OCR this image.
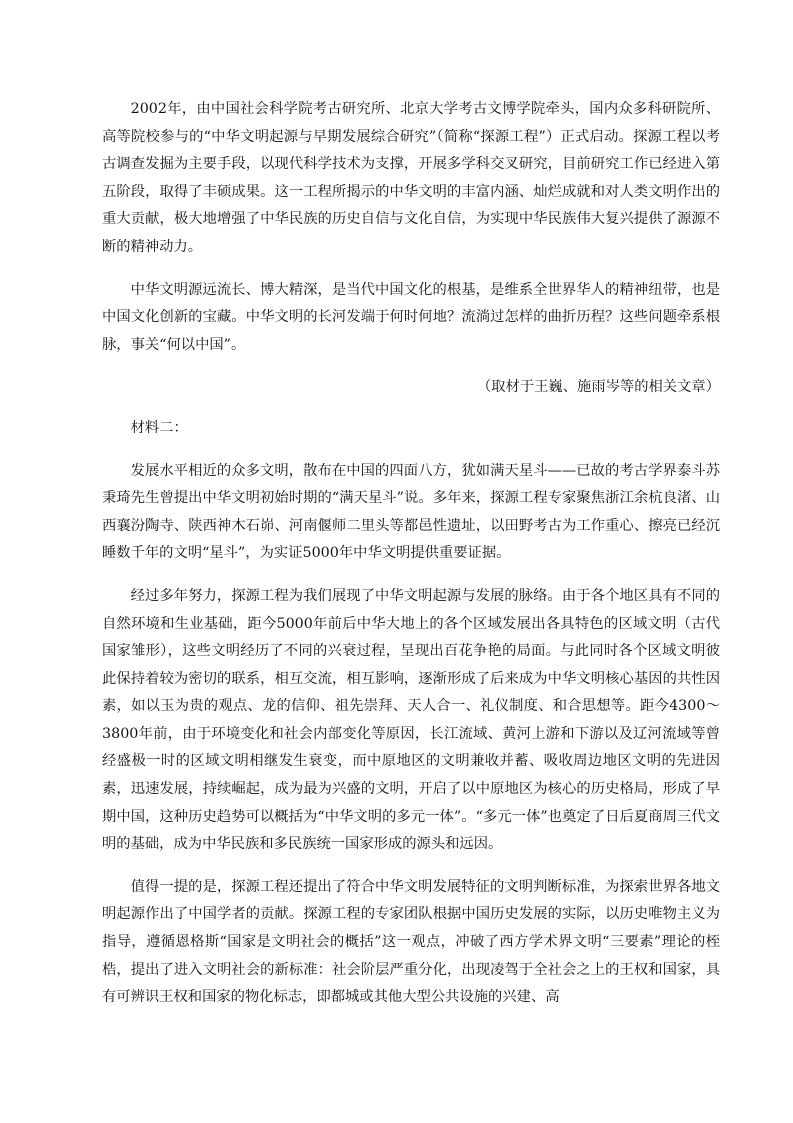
2002年，由中国社会科学院考古研究所、北京大学考古文博学院牵头，国内众多科研院所、高等院校参与的“中华文明起源与早期发展综合研究”（简称“探源工程”）正式启动。探源工程以考古调查发掘为主要手段，以现代科学技术为支撑，开展多学科交叉研究，目前研究工作已经进入第五阶段，取得了丰硕成果。这一工程所揭示的中华文明的丰富内涵、灿烂成就和对人类文明作出的重大贡献，极大地增强了中华民族的历史自信与文化自信，为实现中华民族伟大复兴提供了源源不断的精神动力。

中华文明源远流长、博大精深，是当代中国文化的根基，是维系全世界华人的精神纽带，也是中国文化创新的宝藏。中华文明的长河发端于何时何地？流淌过怎样的曲折历程？这些问题牵系根脉，事关“何以中国”。

（取材于王巍、施雨岑等的相关文章）

材料二：

发展水平相近的众多文明，散布在中国的四面八方，犹如满天星斗——已故的考古学界泰斗苏秉琦先生曾提出中华文明初始时期的“满天星斗”说。多年来，探源工程专家聚焦浙江余杭良渚、山西襄汾陶寺、陕西神木石峁、河南偃师二里头等都邑性遗址，以田野考古为工作重心、擦亮已经沉睡数千年的文明“星斗”，为实证5000年中华文明提供重要证据。

经过多年努力，探源工程为我们展现了中华文明起源与发展的脉络。由于各个地区具有不同的自然环境和生业基础，距今5000年前后中华大地上的各个区域发展出各具特色的区域文明（古代国家雏形），这些文明经历了不同的兴衰过程，呈现出百花争艳的局面。与此同时各个区域文明彼此保持着较为密切的联系，相互交流，相互影响，逐渐形成了后来成为中华文明核心基因的共性因素，如以玉为贵的观点、龙的信仰、祖先崇拜、天人合一、礼仪制度、和合思想等。距今4300～3800年前，由于环境变化和社会内部变化等原因，长江流域、黄河上游和下游以及辽河流域等曾经盛极一时的区域文明相继发生衰变，而中原地区的文明兼收并蓄、吸收周边地区文明的先进因素，迅速发展，持续崛起，成为最为兴盛的文明，开启了以中原地区为核心的历史格局，形成了早期中国，这种历史趋势可以概括为“中华文明的多元一体”。“多元一体”也奠定了日后夏商周三代文明的基础，成为中华民族和多民族统一国家形成的源头和远因。

值得一提的是，探源工程还提出了符合中华文明发展特征的文明判断标准，为探索世界各地文明起源作出了中国学者的贡献。探源工程的专家团队根据中国历史发展的实际，以历史唯物主义为指导，遵循恩格斯“国家是文明社会的概括”这一观点，冲破了西方学术界文明“三要素”理论的桎梏，提出了进入文明社会的新标准：社会阶层严重分化，出现凌驾于全社会之上的王权和国家，具有可辨识王权和国家的物化标志，即都城或其他大型公共设施的兴建、高
